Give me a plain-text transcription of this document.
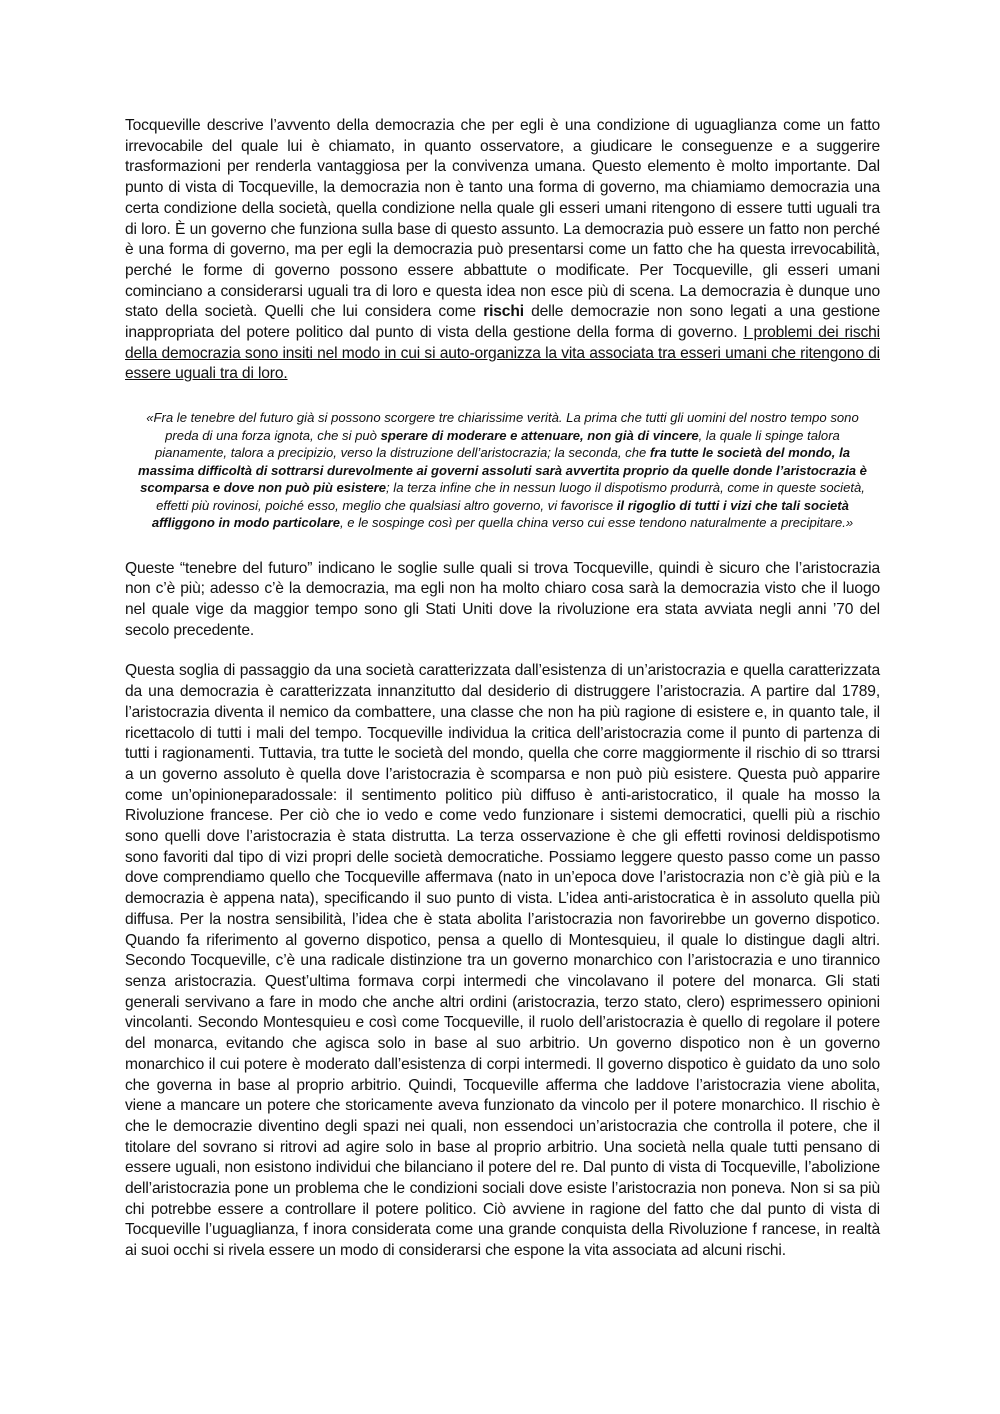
Tocqueville descrive l’avvento della democrazia che per egli è una condizione di uguaglianza come un fatto irrevocabile del quale lui è chiamato, in quanto osservatore, a giudicare le conseguenze e a suggerire trasformazioni per renderla vantaggiosa per la convivenza umana. Questo elemento è molto importante. Dal punto di vista di Tocqueville, la democrazia non è tanto una forma di governo, ma chiamiamo democrazia una certa condizione della società, quella condizione nella quale gli esseri umani ritengono di essere tutti uguali tra di loro. È un governo che funziona sulla base di questo assunto. La democrazia può essere un fatto non perché è una forma di governo, ma per egli la democrazia può presentarsi come un fatto che ha questa irrevocabilità, perché le forme di governo possono essere abbattute o modificate. Per Tocqueville, gli esseri umani cominciano a considerarsi uguali tra di loro e questa idea non esce più di scena. La democrazia è dunque uno stato della società. Quelli che lui considera come rischi delle democrazie non sono legati a una gestione inappropriata del potere politico dal punto di vista della gestione della forma di governo. I problemi dei rischi della democrazia sono insiti nel modo in cui si auto-organizza la vita associata tra esseri umani che ritengono di essere uguali tra di loro.

«Fra le tenebre del futuro già si possono scorgere tre chiarissime verità. La prima che tutti gli uomini del nostro tempo sono preda di una forza ignota, che si può sperare di moderare e attenuare, non già di vincere, la quale li spinge talora pianamente, talora a precipizio, verso la distruzione dell’aristocrazia; la seconda, che fra tutte le società del mondo, la massima difficoltà di sottrarsi durevolmente ai governi assoluti sarà avvertita proprio da quelle donde l’aristocrazia è scomparsa e dove non può più esistere; la terza infine che in nessun luogo il dispotismo produrrà, come in queste società, effetti più rovinosi, poiché esso, meglio che qualsiasi altro governo, vi favorisce il rigoglio di tutti i vizi che tali società affliggono in modo particolare, e le sospinge così per quella china verso cui esse tendono naturalmente a precipitare.»

Queste “tenebre del futuro” indicano le soglie sulle quali si trova Tocqueville, quindi è sicuro che l’aristocrazia non c’è più; adesso c’è la democrazia, ma egli non ha molto chiaro cosa sarà la democrazia visto che il luogo nel quale vige da maggior tempo sono gli Stati Uniti dove la rivoluzione era stata avviata negli anni ’70 del secolo precedente.

Questa soglia di passaggio da una società caratterizzata dall’esistenza di un’aristocrazia e quella caratterizzata da una democrazia è caratterizzata innanzitutto dal desiderio di distruggere l’aristocrazia. A partire dal 1789, l’aristocrazia diventa il nemico da combattere, una classe che non ha più ragione di esistere e, in quanto tale, il ricettacolo di tutti i mali del tempo. Tocqueville individua la critica dell’aristocrazia come il punto di partenza di tutti i ragionamenti. Tuttavia, tra tutte le società del mondo, quella che corre maggiormente il rischio di so ttrarsi a un governo assoluto è quella dove l’aristocrazia è scomparsa e non può più esistere. Questa può apparire come un’opinioneparadossale: il sentimento politico più diffuso è anti-aristocratico, il quale ha mosso la Rivoluzione francese. Per ciò che io vedo e come vedo funzionare i sistemi democratici, quelli più a rischio sono quelli dove l’aristocrazia è stata distrutta. La terza osservazione è che gli effetti rovinosi deldispotismo sono favoriti dal tipo di vizi propri delle società democratiche. Possiamo leggere questo passo come un passo dove comprendiamo quello che Tocqueville affermava (nato in un’epoca dove l’aristocrazia non c’è già più e la democrazia è appena nata), specificando il suo punto di vista. L’idea anti-aristocratica è in assoluto quella più diffusa. Per la nostra sensibilità, l’idea che è stata abolita l’aristocrazia non favorirebbe un governo dispotico. Quando fa riferimento al governo dispotico, pensa a quello di Montesquieu, il quale lo distingue dagli altri. Secondo Tocqueville, c’è una radicale distinzione tra un governo monarchico con l’aristocrazia e uno tirannico senza aristocrazia. Quest’ultima formava corpi intermedi che vincolavano il potere del monarca. Gli stati generali servivano a fare in modo che anche altri ordini (aristocrazia, terzo stato, clero) esprimessero opinioni vincolanti. Secondo Montesquieu e così come Tocqueville, il ruolo dell’aristocrazia è quello di regolare il potere del monarca, evitando che agisca solo in base al suo arbitrio. Un governo dispotico non è un governo monarchico il cui potere è moderato dall’esistenza di corpi intermedi. Il governo dispotico è guidato da uno solo che governa in base al proprio arbitrio. Quindi, Tocqueville afferma che laddove l’aristocrazia viene abolita, viene a mancare un potere che storicamente aveva funzionato da vincolo per il potere monarchico. Il rischio è che le democrazie diventino degli spazi nei quali, non essendoci un’aristocrazia che controlla il potere, che il titolare del sovrano si ritrovi ad agire solo in base al proprio arbitrio. Una società nella quale tutti pensano di essere uguali, non esistono individui che bilanciano il potere del re. Dal punto di vista di Tocqueville, l’abolizione dell’aristocrazia pone un problema che le condizioni sociali dove esiste l’aristocrazia non poneva. Non si sa più chi potrebbe essere a controllare il potere politico. Ciò avviene in ragione del fatto che dal punto di vista di Tocqueville l’uguaglianza, f inora considerata come una grande conquista della Rivoluzione f rancese, in realtà ai suoi occhi si rivela essere un modo di considerarsi che espone la vita associata ad alcuni rischi.
